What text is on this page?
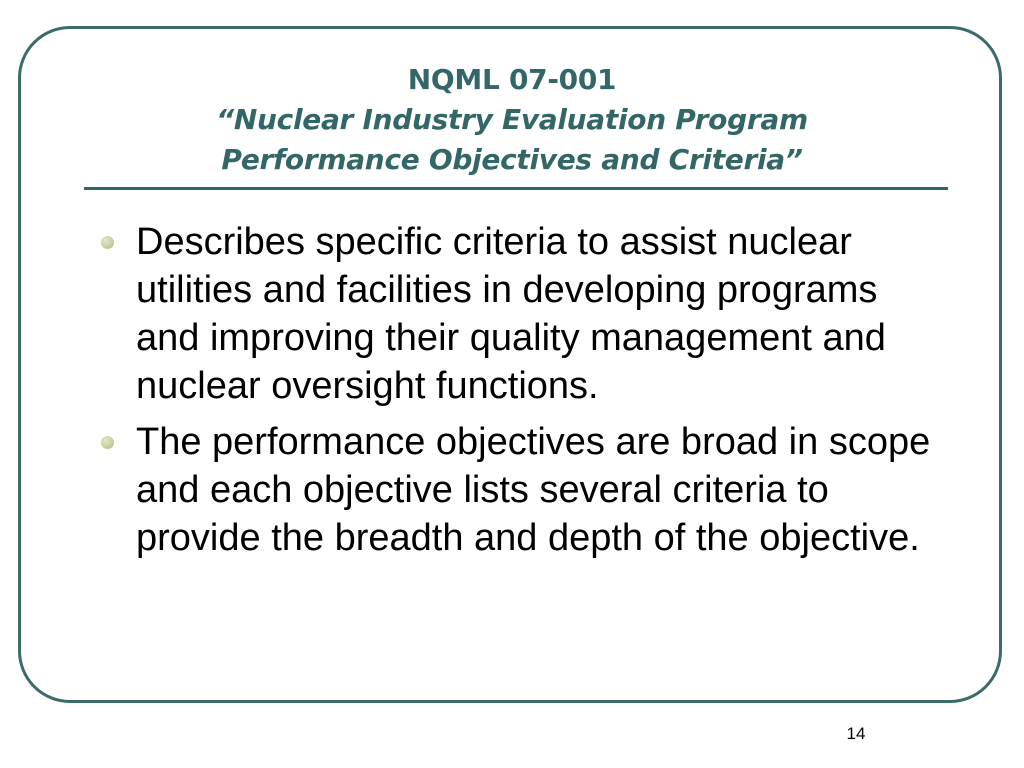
NQML 07-001
“Nuclear Industry Evaluation Program
Performance Objectives and Criteria”
Describes specific criteria to assist nuclear utilities and facilities in developing programs and improving their quality management and nuclear oversight functions.
The performance objectives are broad in scope and each objective lists several criteria to provide the breadth and depth of the objective.
14
